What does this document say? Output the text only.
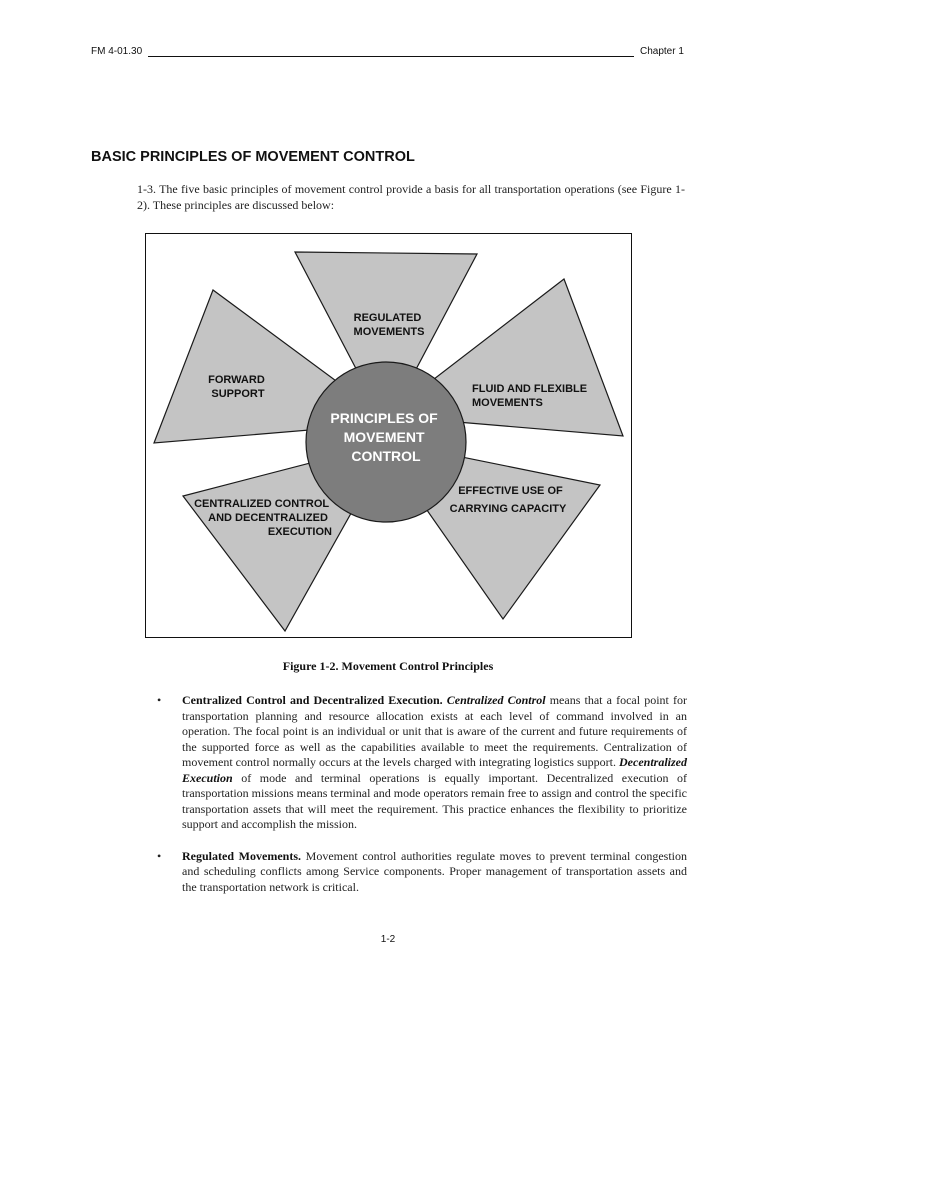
FM 4-01.30	Chapter 1
BASIC PRINCIPLES OF MOVEMENT CONTROL

1-3. The five basic principles of movement control provide a basis for all transportation operations (see Figure 1-2). These principles are discussed below:

REGULATED MOVEMENTS
FORWARD SUPPORT	FLUID AND FLEXIBLE MOVEMENTS
CENTRALIZED CONTROL AND DECENTRALIZED EXECUTION
EFFECTIVE USE OF CARRYING CAPACITY
PRINCIPLES OF MOVEMENT CONTROL

Figure 1-2. Movement Control Principles

• Centralized Control and Decentralized Execution. Centralized Control means that a focal point for transportation planning and resource allocation exists at each level of command involved in an operation. The focal point is an individual or unit that is aware of the current and future requirements of the supported force as well as the capabilities available to meet the requirements. Centralization of movement control normally occurs at the levels charged with integrating logistics support. Decentralized Execution of mode and terminal operations is equally important. Decentralized execution of transportation missions means terminal and mode operators remain free to assign and control the specific transportation assets that will meet the requirement. This practice enhances the flexibility to prioritize support and accomplish the mission.
• Regulated Movements. Movement control authorities regulate moves to prevent terminal congestion and scheduling conflicts among Service components. Proper management of transportation assets and the transportation network is critical.
1-2
